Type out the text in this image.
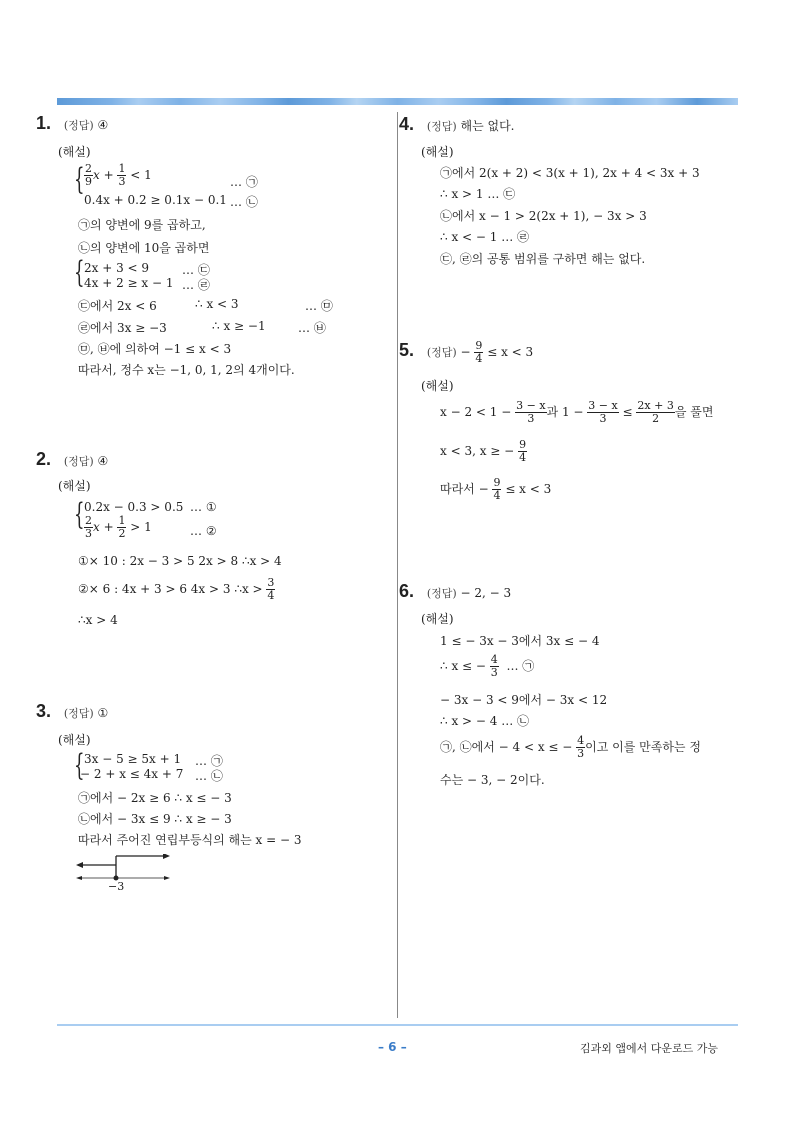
1. (정답) ④
(해설)
{ $\frac{2}{9}$ $x + \frac{1}{3} < 1$	… ㉠
0.4x + 0.2 ≥ 0.1x − 0.1 … ㉡
㉠의 양변에 9를 곱하고,
㉡의 양변에 10을 곱하면
{ 2x + 3 < 9	… ㉢
4x + 2 ≥ x − 1 … ㉣
㉢에서 2x < 6	∴ x < 3	… ㉤
㉣에서 3x ≥ −3	∴ x ≥ −1	… ㉥
㉤, ㉥에 의하여 −1 ≤ x < 3
따라서, 정수 x는 −1, 0, 1, 2의 4개이다.
2. (정답) ④
(해설)
{ 0.2x − 0.3 > 0.5 … ①
$\frac{2}{3}$ $x + \frac{1}{2} > 1$	… ②
①× 10 : 2x − 3 > 5 2x > 8 ∴x > 4
②× 6 : 4x + 3 > 6 4x > 3 ∴x > $\frac{3}{4}$
∴x > 4
3. (정답) ①
(해설)
{ 3x − 5 ≥ 5x + 1 … ㉠
− 2 + x ≤ 4x + 7 … ㉡
㉠에서 − 2x ≥ 6 ∴ x ≤ − 3
㉡에서 − 3x ≤ 9 ∴ x ≥ − 3
따라서 주어진 연립부등식의 해는 x = − 3
−3
4. (정답) 해는 없다.
(해설)
㉠에서 2(x + 2) < 3(x + 1), 2x + 4 < 3x + 3
∴ x > 1 … ㉢
㉡에서 x − 1 > 2(2x + 1), − 3x > 3
∴ x < − 1 … ㉣
㉢, ㉣의 공통 범위를 구하면 해는 없다.
5. (정답) − $\frac{9}{4} \le x < 3$
(해설)
$x - 2 < 1 - \frac{3 - x}{3}$ 과 $1 - \frac{3 - x}{3} \le \frac{2x + 3}{2}$ 을 풀면
x < 3, x ≥ − $\frac{9}{4}$
따라서 − $\frac{9}{4} \le x < 3$
6. (정답) − 2, − 3
(해설)
1 ≤ − 3x − 3에서 3x ≤ − 4
∴ x ≤ − $\frac{4}{3}$ … ㉠
− 3x − 3 < 9에서 − 3x < 12
∴ x > − 4 … ㉡
㉠, ㉡에서 − 4 < x ≤ − $\frac{4}{3}$ 이고 이를 만족하는 정
수는 − 3, − 2이다.
– 6 –	김과외 앱에서 다운로드 가능
